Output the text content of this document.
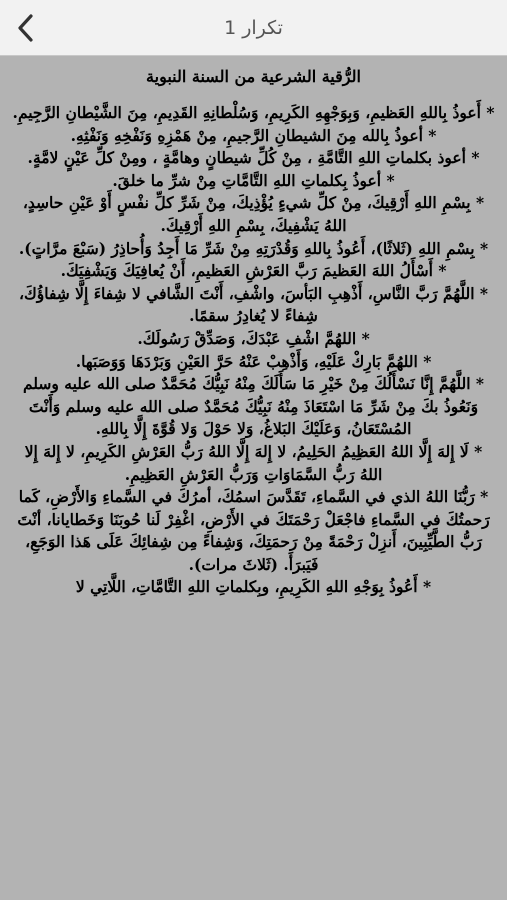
تكرار 1
الرُّقية الشرعية من السنة النبوية

* أَعوذُ بِاللهِ العَظيمِ، وَبِوَجْهِهِ الكَرِيمِ، وَسُلْطانِهِ القَدِيمِ، مِنَ الشَّيْطانِ الرَّجِيمِ.

* أعوذُ بِالله مِنَ الشيطانِ الرَّجيمِ، مِنْ هَمْزِهِ وَنَفْخِهِ وَنَفْثِهِ.

* أعوذ بكلماتِ اللهِ التَّامَّةِ ، مِنْ كُلِّ شيطانٍ وهامَّةٍ ، ومِنْ كلِّ عَيْنٍ لامَّةٍ.

* أعوذُ بِكلماتِ اللهِ التَّامَّاتِ مِنْ شرِّ ما خلقَ.

* بِسْمِ اللهِ أَرْقِيكَ، مِنْ كلِّ شيءٍ يُؤْذِيكَ، مِنْ شَرِّ كلِّ نفْسٍ أَوْ عَيْنِ حاسِدٍ، اللهُ يَشْفِيكَ، بِسْمِ اللهِ أَرْقِيكَ.

* بِسْمِ اللهِ (ثَلاثًا)، أَعُوذُ بِاللهِ وَقُدْرَتِهِ مِنْ شَرِّ مَا أَجِدُ وَأُحاذِرُ (سَبْعَ مرَّاتٍ).

* أَسْأَلُ اللهَ العَظيمَ رَبَّ العَرْشِ العَظيمِ، أَنْ يُعافِيَكَ وَيَشْفِيَكَ.

* اللَّهُمَّ رَبَّ النَّاسِ، أَذْهِبِ البَأسَ، واشْفِ، أَنْتَ الشَّافي لا شِفاءَ إِلَّا شِفاؤُكَ، شِفاءً لا يُغادِرُ سقمًا.

* اللهُمَّ اشْفِ عَبْدَكَ، وَصَدِّقْ رَسُولَكَ.

* اللهُمَّ بَارِكْ عَلَيْهِ، وَأَذْهِبْ عَنْهُ حَرَّ العَيْنِ وَبَرْدَهَا وَوَصَبَها.

* اللَّهُمَّ إِنَّا نَسْأَلُكَ مِنْ خَيْرِ مَا سَأَلَكَ مِنْهُ نَبِيُّكَ مُحَمَّدٌ صلى الله عليه وسلم وَنَعُوذُ بكَ مِنْ شَرِّ مَا اسْتَعَاذَ مِنْهُ نَبِيُّكَ مُحَمَّدٌ صلى الله عليه وسلم وَأَنْتَ المُسْتَعَانُ، وَعَلَيْكَ البَلاغُ، وَلا حَوْلَ وَلا قُوَّةَ إِلَّا بِاللهِ.

* لَا إِلهَ إِلَّا اللهُ العَظِيمُ الحَلِيمُ، لا إِلهَ إِلَّا اللهُ رَبُّ العَرْشِ الكَرِيمِ، لا إِلهَ إِلا اللهُ رَبُّ السَّمَاوَاتِ وَرَبُّ العَرْشِ العَظِيمِ.

* رَبُّنَا اللهُ الذي في السَّماءِ، تَقَدَّسَ اسمُكَ، أمرُكَ في السَّماءِ وَالأَرْضِ، كَما رَحمتُكَ في السَّماءِ فاجْعَلْ رَحْمَتَكَ في الأَرْضِ، اغْفِرْ لَنا حُوبَنَا وَخَطايانا، أنْتَ رَبُّ الطَّيِّبِينَ، أَنزِلْ رَحْمَةً مِنْ رَحمَتِكَ، وَشِفاءً مِن شِفائِكَ عَلَى هَذا الوَجَعِ، فَيَبرَأَ. (ثَلاثَ مرات).

* أَعُوذُ بِوَجْهِ اللهِ الكَرِيمِ، وبِكلماتِ اللهِ التَّامَّاتِ، اللَّاتِي لا
